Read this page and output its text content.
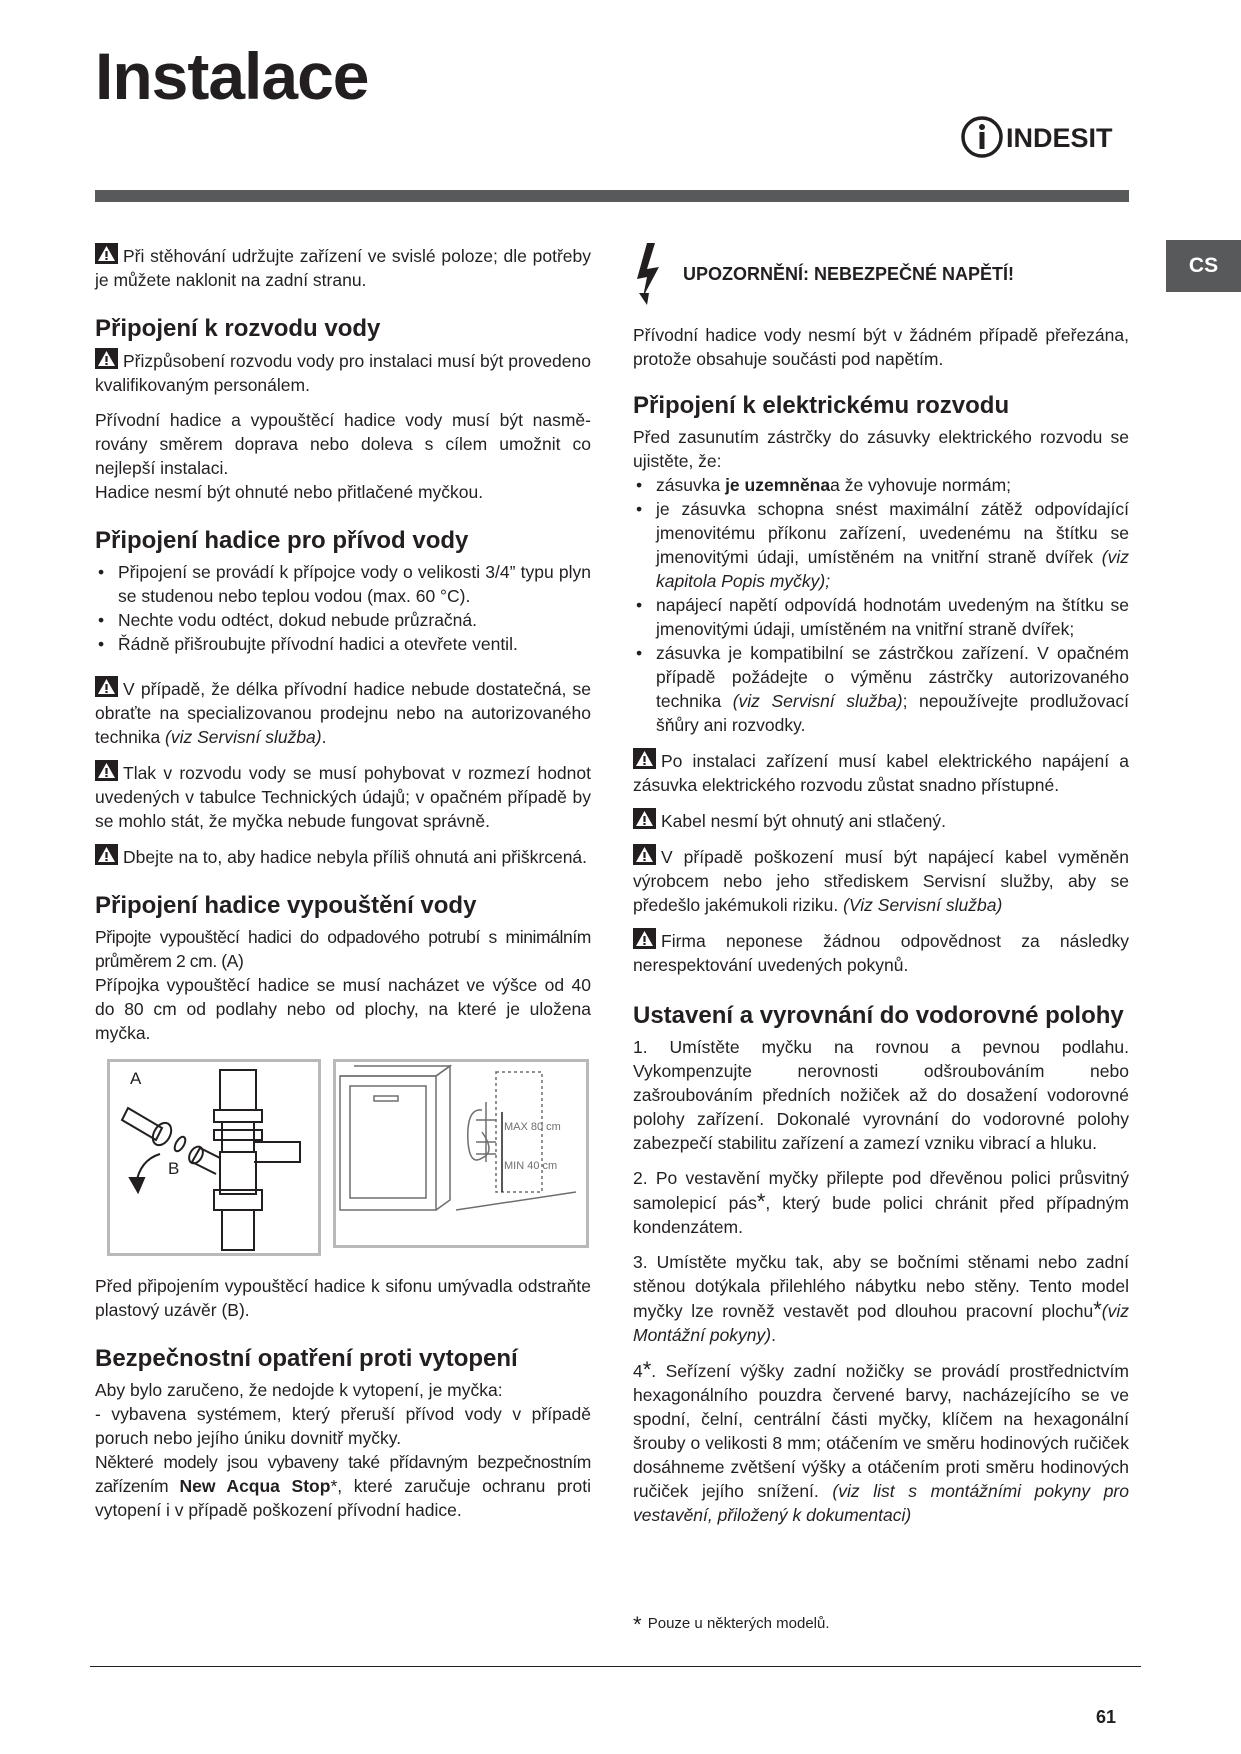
Instalace
INDESIT
CS

Při stěhování udržujte zařízení ve svislé poloze; dle potřeby je můžete naklonit na zadní stranu.

Připojení k rozvodu vody

Přizpůsobení rozvodu vody pro instalaci musí být provedeno kvalifikovaným personálem.

Přívodní hadice a vypouštěcí hadice vody musí být nasmě-rovány směrem doprava nebo doleva s cílem umožnit co nejlepší instalaci.

Hadice nesmí být ohnuté nebo přitlačené myčkou.

Připojení hadice pro přívod vody
• Připojení se provádí k přípojce vody o velikosti 3/4” typu plyn se studenou nebo teplou vodou (max. 60 °C).
• Nechte vodu odtéct, dokud nebude průzračná.
• Řádně přišroubujte přívodní hadici a otevřete ventil.

V případě, že délka přívodní hadice nebude dostatečná, se obraťte na specializovanou prodejnu nebo na autorizovaného technika (viz Servisní služba).

Tlak v rozvodu vody se musí pohybovat v rozmezí hodnot uvedených v tabulce Technických údajů; v opačném případě by se mohlo stát, že myčka nebude fungovat správně.

Dbejte na to, aby hadice nebyla příliš ohnutá ani přiškrcená.

Připojení hadice vypouštění vody

Připojte vypouštěcí hadici do odpadového potrubí s minimálním průměrem 2 cm. (A)

Přípojka vypouštěcí hadice se musí nacházet ve výšce od 40 do 80 cm od podlahy nebo od plochy, na které je uložena myčka.

A
B
MAX 80 cm
MIN 40 cm

Před připojením vypouštěcí hadice k sifonu umývadla odstraňte plastový uzávěr (B).

Bezpečnostní opatření proti vytopení

Aby bylo zaručeno, že nedojde k vytopení, je myčka:

- vybavena systémem, který přeruší přívod vody v případě poruch nebo jejího úniku dovnitř myčky.

Některé modely jsou vybaveny také přídavným bezpečnostním zařízením New Acqua Stop*, které zaručuje ochranu proti vytopení i v případě poškození přívodní hadice.

UPOZORNĚNÍ: NEBEZPEČNÉ NAPĚTÍ!

Přívodní hadice vody nesmí být v žádném případě přeřezána, protože obsahuje součásti pod napětím.

Připojení k elektrickému rozvodu

Před zasunutím zástrčky do zásuvky elektrického rozvodu se ujistěte, že:

• zásuvka je uzemněnaa že vyhovuje normám;
• je zásuvka schopna snést maximální zátěž odpovídající jmenovitému příkonu zařízení, uvedenému na štítku se jmenovitými údaji, umístěném na vnitřní straně dvířek (viz kapitola Popis myčky);
• napájecí napětí odpovídá hodnotám uvedeným na štítku se jmenovitými údaji, umístěném na vnitřní straně dvířek;
• zásuvka je kompatibilní se zástrčkou zařízení. V opačném případě požádejte o výměnu zástrčky autorizovaného technika (viz Servisní služba); nepoužívejte prodlužovací šňůry ani rozvodky.

Po instalaci zařízení musí kabel elektrického napájení a zásuvka elektrického rozvodu zůstat snadno přístupné.

Kabel nesmí být ohnutý ani stlačený.

V případě poškození musí být napájecí kabel vyměněn výrobcem nebo jeho střediskem Servisní služby, aby se předešlo jakémukoli riziku. (Viz Servisní služba)

Firma neponese žádnou odpovědnost za následky nerespektování uvedených pokynů.

Ustavení a vyrovnání do vodorovné polohy

1. Umístěte myčku na rovnou a pevnou podlahu. Vykompenzujte nerovnosti odšroubováním nebo zašroubováním předních nožiček až do dosažení vodorovné polohy zařízení. Dokonalé vyrovnání do vodorovné polohy zabezpečí stabilitu zařízení a zamezí vzniku vibrací a hluku.

2. Po vestavění myčky přilepte pod dřevěnou polici průsvitný samolepicí pás*, který bude polici chránit před případným kondenzátem.

3. Umístěte myčku tak, aby se bočními stěnami nebo zadní stěnou dotýkala přilehlého nábytku nebo stěny. Tento model myčky lze rovněž vestavět pod dlouhou pracovní plochu*(viz Montážní pokyny).

4*. Seřízení výšky zadní nožičky se provádí prostřednictvím hexagonálního pouzdra červené barvy, nacházejícího se ve spodní, čelní, centrální části myčky, klíčem na hexagonální šrouby o velikosti 8 mm; otáčením ve směru hodinových ručiček dosáhneme zvětšení výšky a otáčením proti směru hodinových ručiček jejího snížení. (viz list s montážními pokyny pro vestavění, přiložený k dokumentaci)

* Pouze u některých modelů.
61
